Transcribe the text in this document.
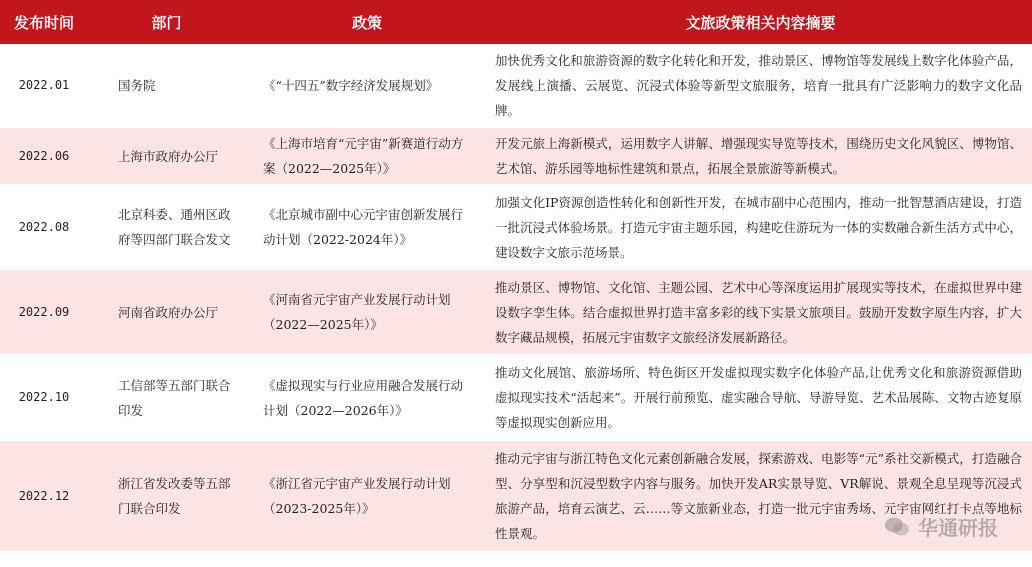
发布时间	部门	政策	文旅政策相关内容摘要
2022.01	国务院	《“十四五”数字经济发展规划》	加快优秀文化和旅游资源的数字化转化和开发，推动景区、博物馆等发展线上数字化体验产品，发展线上演播、云展览、沉浸式体验等新型文旅服务，培育一批具有广泛影响力的数字文化品牌。
2022.06	上海市政府办公厅	《上海市培育“元宇宙”新赛道行动方案（2022—2025年）》	开发元旅上海新模式，运用数字人讲解、增强现实导览等技术，围绕历史文化风貌区、博物馆、艺术馆、游乐园等地标性建筑和景点，拓展全景旅游等新模式。
2022.08	北京科委、通州区政府等四部门联合发文	《北京城市副中心元宇宙创新发展行动计划（2022-2024年）》	加强文化IP资源创造性转化和创新性开发，在城市副中心范围内，推动一批智慧酒店建设，打造一批沉浸式体验场景。打造元宇宙主题乐园，构建吃住游玩为一体的实数融合新生活方式中心，建设数字文旅示范场景。
2022.09	河南省政府办公厅	《河南省元宇宙产业发展行动计划（2022—2025年）》	推动景区、博物馆、文化馆、主题公园、艺术中心等深度运用扩展现实等技术，在虚拟世界中建设数字孪生体。结合虚拟世界打造丰富多彩的线下实景文旅项目。鼓励开发数字原生内容，扩大数字藏品规模，拓展元宇宙数字文旅经济发展新路径。
2022.10	工信部等五部门联合印发	《虚拟现实与行业应用融合发展行动计划（2022—2026年）》	推动文化展馆、旅游场所、特色街区开发虚拟现实数字化体验产品,让优秀文化和旅游资源借助虚拟现实技术“活起来”。开展行前预览、虚实融合导航、导游导览、艺术品展陈、文物古迹复原等虚拟现实创新应用。
2022.12	浙江省发改委等五部门联合印发	《浙江省元宇宙产业发展行动计划（2023-2025年）》	推动元宇宙与浙江特色文化元素创新融合发展，探索游戏、电影等“元”系社交新模式，打造融合型、分享型和沉浸型数字内容与服务。加快开发AR实景导览、VR解说、景观全息呈现等沉浸式旅游产品，培育云演艺、云……等文旅新业态，打造一批元宇宙秀场、元宇宙网红打卡点等地标性景观。	华通研报
